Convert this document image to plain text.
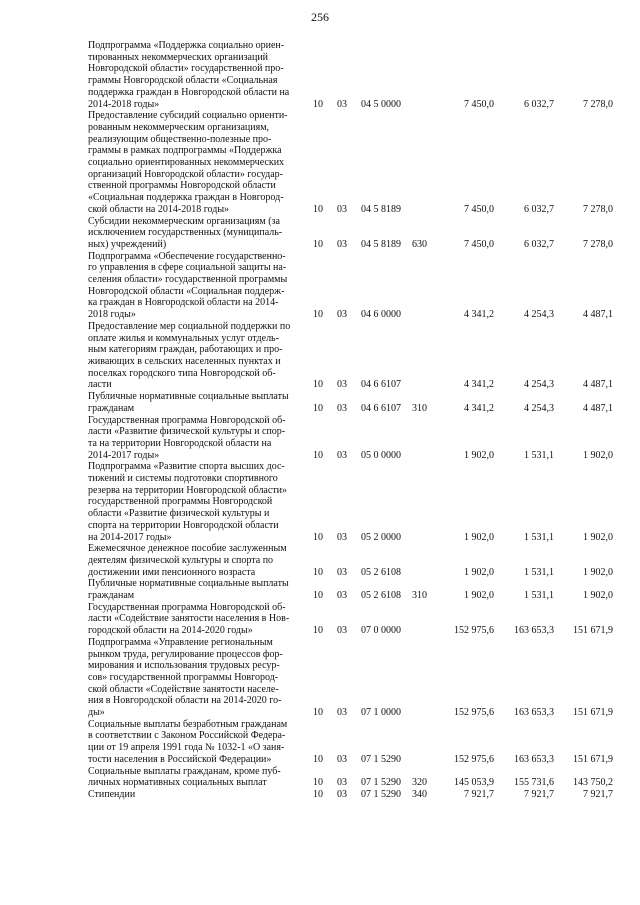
256
Подпрограмма «Поддержка социально ориен-
тированных некоммерческих организаций
Новгородской области» государственной про-
граммы Новгородской области «Социальная
поддержка граждан в Новгородской области на
2014-2018 годы»	10 03 04 5 0000	7 450,0	6 032,7	7 278,0
Предоставление субсидий социально ориенти-
рованным некоммерческим организациям,
реализующим общественно-полезные про-
граммы в рамках подпрограммы «Поддержка
социально ориентированных некоммерческих
организаций Новгородской области» государ-
ственной программы Новгородской области
«Социальная поддержка граждан в Новгород-
ской области на 2014-2018 годы»	10 03 04 5 8189	7 450,0	6 032,7	7 278,0
Субсидии некоммерческим организациям (за
исключением государственных (муниципаль-
ных) учреждений)	10 03 04 5 8189 630	7 450,0	6 032,7	7 278,0
Подпрограмма «Обеспечение государственно-
го управления в сфере социальной защиты на-
селения области» государственной программы
Новгородской области «Социальная поддерж-
ка граждан в Новгородской области на 2014-
2018 годы»	10 03 04 6 0000	4 341,2	4 254,3	4 487,1
Предоставление мер социальной поддержки по
оплате жилья и коммунальных услуг отдель-
ным категориям граждан, работающих и про-
живающих в сельских населенных пунктах и
поселках городского типа Новгородской об-
ласти	10 03 04 6 6107	4 341,2	4 254,3	4 487,1
Публичные нормативные социальные выплаты
гражданам	10 03 04 6 6107 310	4 341,2	4 254,3	4 487,1
Государственная программа Новгородской об-
ласти «Развитие физической культуры и спор-
та на территории Новгородской области на
2014-2017 годы»	10 03 05 0 0000	1 902,0	1 531,1	1 902,0
Подпрограмма «Развитие спорта высших дос-
тижений и системы подготовки спортивного
резерва на территории Новгородской области»
государственной программы Новгородской
области «Развитие физической культуры и
спорта на территории Новгородской области
на 2014-2017 годы»	10 03 05 2 0000	1 902,0	1 531,1	1 902,0
Ежемесячное денежное пособие заслуженным
деятелям физической культуры и спорта по
достижении ими пенсионного возраста	10 03 05 2 6108	1 902,0	1 531,1	1 902,0
Публичные нормативные социальные выплаты
гражданам	10 03 05 2 6108 310	1 902,0	1 531,1	1 902,0
Государственная программа Новгородской об-
ласти «Содействие занятости населения в Нов-
городской области на 2014-2020 годы»	10 03 07 0 0000	152 975,6	163 653,3	151 671,9
Подпрограмма «Управление региональным
рынком труда, регулирование процессов фор-
мирования и использования трудовых ресур-
сов» государственной программы Новгород-
ской области «Содействие занятости населе-
ния в Новгородской области на 2014-2020 го-
ды»	10 03 07 1 0000	152 975,6	163 653,3	151 671,9
Социальные выплаты безработным гражданам
в соответствии с Законом Российской Федера-
ции от 19 апреля 1991 года № 1032-1 «О заня-
тости населения в Российской Федерации»	10 03 07 1 5290	152 975,6	163 653,3	151 671,9
Социальные выплаты гражданам, кроме пуб-
личных нормативных социальных выплат	10 03 07 1 5290 320	145 053,9	155 731,6	143 750,2
Стипендии	10 03 07 1 5290 340	7 921,7	7 921,7	7 921,7
